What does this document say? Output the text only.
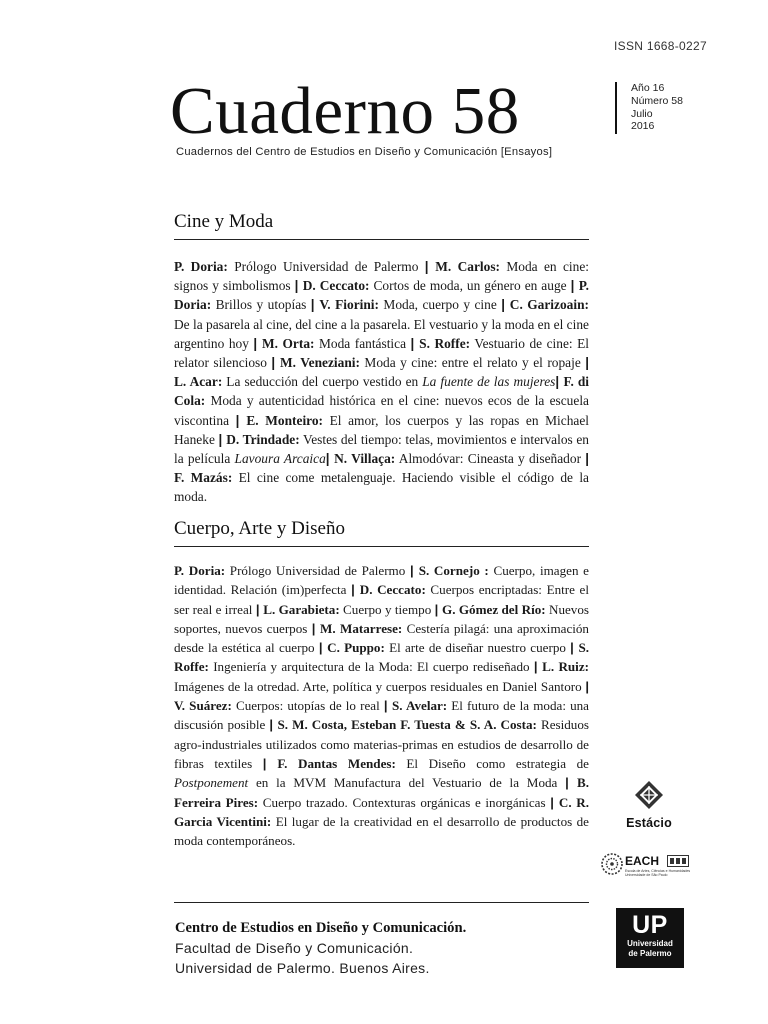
ISSN 1668-0227
Cuaderno 58
Cuadernos del Centro de Estudios en Diseño y Comunicación [Ensayos]
Año 16
Número 58
Julio
2016
Cine y Moda
P. Doria: Prólogo Universidad de Palermo | M. Carlos: Moda en cine: signos y simbolismos | D. Ceccato: Cortos de moda, un género en auge | P. Doria: Brillos y utopías | V. Fiorini: Moda, cuerpo y cine | C. Garizoain: De la pasarela al cine, del cine a la pasarela. El vestuario y la moda en el cine argentino hoy | M. Orta: Moda fantástica | S. Roffe: Vestuario de cine: El relator silencioso | M. Veneziani: Moda y cine: entre el relato y el ropaje | L. Acar: La seducción del cuerpo vestido en La fuente de las mujeres| F. di Cola: Moda y autenticidad histórica en el cine: nuevos ecos de la escuela viscontina | E. Monteiro: El amor, los cuerpos y las ropas en Michael Haneke | D. Trindade: Vestes del tiempo: telas, movimientos e intervalos en la película Lavoura Arcaica| N. Villaça: Almodóvar: Cineasta y diseñador | F. Mazás: El cine come metalenguaje. Haciendo visible el código de la moda.
Cuerpo, Arte y Diseño
P. Doria: Prólogo Universidad de Palermo | S. Cornejo : Cuerpo, imagen e identidad. Relación (im)perfecta | D. Ceccato: Cuerpos encriptadas: Entre el ser real e irreal | L. Garabieta: Cuerpo y tiempo | G. Gómez del Río: Nuevos soportes, nuevos cuerpos | M. Matarrese: Cestería pilagá: una aproximación desde la estética al cuerpo | C. Puppo: El arte de diseñar nuestro cuerpo | S. Roffe: Ingeniería y arquitectura de la Moda: El cuerpo rediseñado | L. Ruiz: Imágenes de la otredad. Arte, política y cuerpos residuales en Daniel Santoro | V. Suárez: Cuerpos: utopías de lo real | S. Avelar: El futuro de la moda: una discusión posible | S. M. Costa, Esteban F. Tuesta & S. A. Costa: Residuos agro-industriales utilizados como materias-primas en estudios de desarrollo de fibras textiles | F. Dantas Mendes: El Diseño como estrategia de Postponement en la MVM Manufactura del Vestuario de la Moda | B. Ferreira Pires: Cuerpo trazado. Contexturas orgánicas e inorgánicas | C. R. Garcia Vicentini: El lugar de la creatividad en el desarrollo de productos de moda contemporáneos.
Estácio
EACH
Escola de Artes, Ciências e Humanidades Universidade de São Paulo
Centro de Estudios en Diseño y Comunicación.
Facultad de Diseño y Comunicación.
Universidad de Palermo. Buenos Aires.
UP
Universidad
de Palermo
